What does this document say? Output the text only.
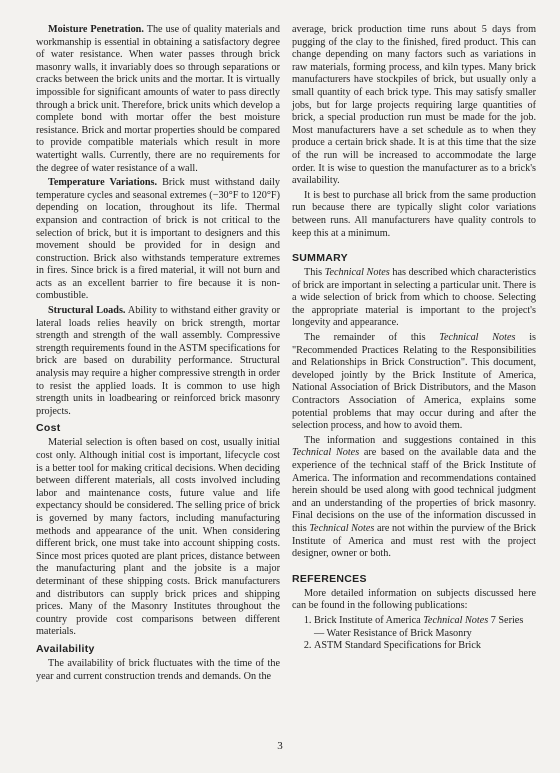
Moisture Penetration. The use of quality materials and workmanship is essential in obtaining a satisfactory degree of water resistance. When water passes through brick masonry walls, it invariably does so through separations or cracks between the brick units and the mortar. It is virtually impossible for significant amounts of water to pass directly through a brick unit. Therefore, brick units which develop a complete bond with mortar offer the best moisture resistance. Brick and mortar properties should be compared to provide compatible materials which result in more watertight walls. Currently, there are no requirements for the degree of water resistance of a wall.

Temperature Variations. Brick must withstand daily temperature cycles and seasonal extremes (−30°F to 120°F) depending on location, throughout its life. Thermal expansion and contraction of brick is not critical to the selection of brick, but it is important to designers and this movement should be provided for in design and construction. Brick also withstands temperature extremes in fires. Since brick is a fired material, it will not burn and acts as an excellent barrier to fire because it is non-combustible.

Structural Loads. Ability to withstand either gravity or lateral loads relies heavily on brick strength, mortar strength and strength of the wall assembly. Compressive strength requirements found in the ASTM specifications for brick are based on durability performance. Structural analysis may require a higher compressive strength in order to resist the applied loads. It is common to use high strength units in loadbearing or reinforced brick masonry projects.

Cost

Material selection is often based on cost, usually initial cost only. Although initial cost is important, lifecycle cost is a better tool for making critical decisions. When deciding between different materials, all costs involved including labor and maintenance costs, future value and life expectancy should be considered. The selling price of brick is governed by many factors, including manufacturing methods and appearance of the unit. When considering different brick, one must take into account shipping costs. Since most prices quoted are plant prices, distance between the manufacturing plant and the jobsite is a major determinant of these shipping costs. Brick manufacturers and distributors can supply brick prices and shipping prices. Many of the Masonry Institutes throughout the country provide cost comparisons between different materials.

Availability

The availability of brick fluctuates with the time of the year and current construction trends and demands. On the

average, brick production time runs about 5 days from pugging of the clay to the finished, fired product. This can change depending on many factors such as variations in raw materials, forming process, and kiln types. Many brick manufacturers have stockpiles of brick, but usually only a small quantity of each brick type. This may satisfy smaller jobs, but for large projects requiring large quantities of brick, a special production run must be made for the job. Most manufacturers have a set schedule as to when they produce a certain brick shade. It is at this time that the size of the run will be increased to accommodate the large order. It is wise to question the manufacturer as to a brick's availability.

It is best to purchase all brick from the same production run because there are typically slight color variations between runs. All manufacturers have quality controls to keep this at a minimum.

SUMMARY

This Technical Notes has described which characteristics of brick are important in selecting a particular unit. There is a wide selection of brick from which to choose. Selecting the appropriate material is important to the project's longevity and appearance.

The remainder of this Technical Notes is "Recommended Practices Relating to the Responsibilities and Relationships in Brick Construction". This document, developed jointly by the Brick Institute of America, National Association of Brick Distributors, and the Mason Contractors Association of America, explains some potential problems that may occur during and after the selection process, and how to avoid them.

The information and suggestions contained in this Technical Notes are based on the available data and the experience of the technical staff of the Brick Institute of America. The information and recommendations contained herein should be used along with good technical judgment and an understanding of the properties of brick masonry. Final decisions on the use of the information discussed in this Technical Notes are not within the purview of the Brick Institute of America and must rest with the project designer, owner or both.

REFERENCES

More detailed information on subjects discussed here can be found in the following publications:

1. Brick Institute of America Technical Notes 7 Series — Water Resistance of Brick Masonry
2. ASTM Standard Specifications for Brick
3
